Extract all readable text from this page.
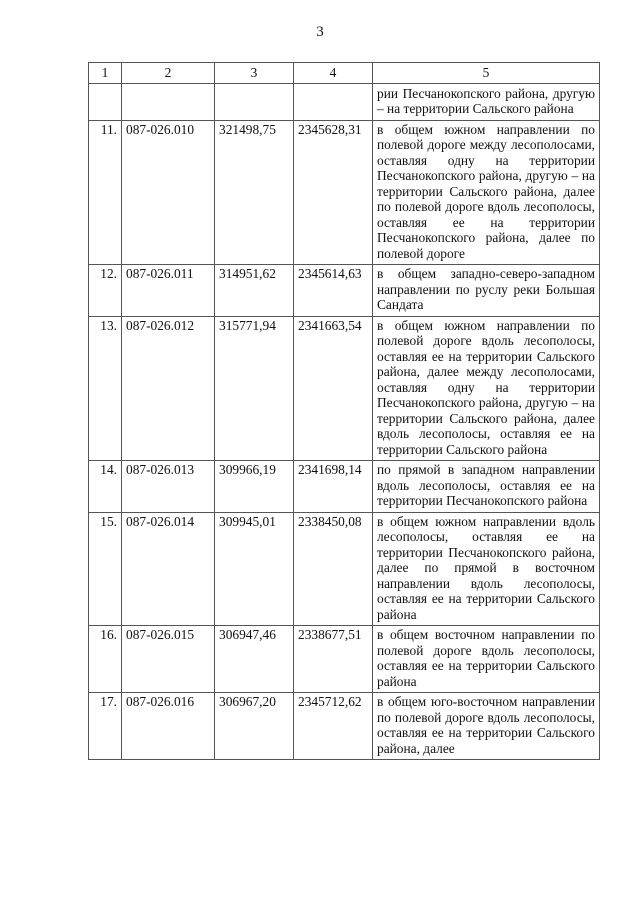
3
1	2	3	4	5
				рии Песчанокопского района, другую – на территории Сальского района
11.	087-026.010	321498,75	2345628,31	в общем южном направлении по полевой дороге между лесополосами, оставляя одну на территории Песчанокопского района, другую – на территории Сальского района, далее по полевой дороге вдоль лесополосы, оставляя ее на территории Песчанокопского района, далее по полевой дороге
12.	087-026.011	314951,62	2345614,63	в общем западно-северо-западном направлении по руслу реки Большая Сандата
13.	087-026.012	315771,94	2341663,54	в общем южном направлении по полевой дороге вдоль лесополосы, оставляя ее на территории Сальского района, далее между лесополосами, оставляя одну на территории Песчанокопского района, другую – на территории Сальского района, далее вдоль лесополосы, оставляя ее на территории Сальского района
14.	087-026.013	309966,19	2341698,14	по прямой в западном направлении вдоль лесополосы, оставляя ее на территории Песчанокопского района
15.	087-026.014	309945,01	2338450,08	в общем южном направлении вдоль лесополосы, оставляя ее на территории Песчанокопского района, далее по прямой в восточном направлении вдоль лесополосы, оставляя ее на территории Сальского района
16.	087-026.015	306947,46	2338677,51	в общем восточном направлении по полевой дороге вдоль лесополосы, оставляя ее на территории Сальского района
17.	087-026.016	306967,20	2345712,62	в общем юго-восточном направлении по полевой дороге вдоль лесополосы, оставляя ее на территории Сальского района, далее
